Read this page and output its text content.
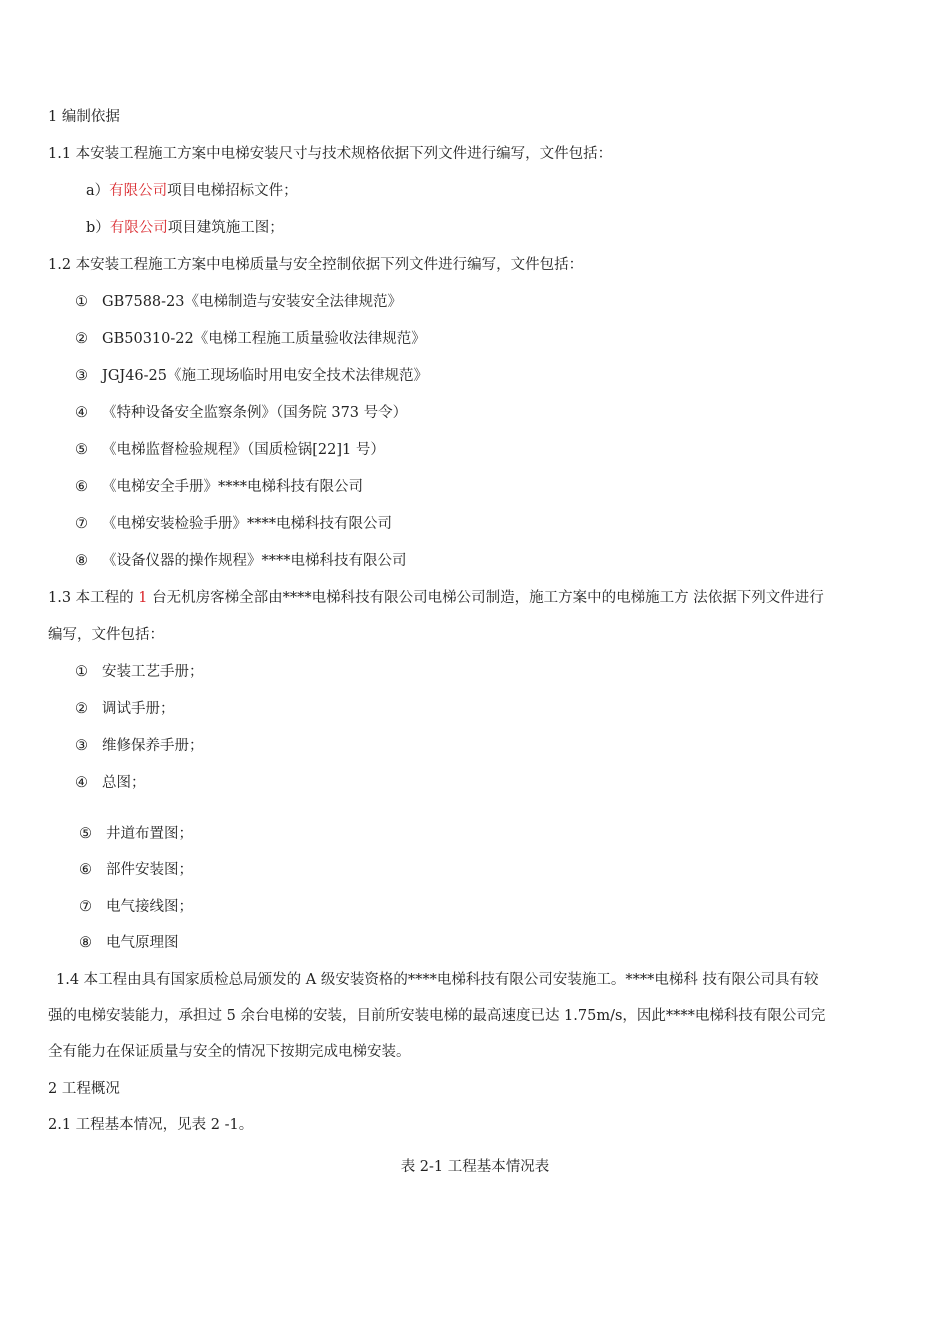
1 编制依据
1.1 本安装工程施工方案中电梯安装尺寸与技术规格依据下列文件进行编写，文件包括：
a）有限公司项目电梯招标文件；
b）有限公司项目建筑施工图；
1.2 本安装工程施工方案中电梯质量与安全控制依据下列文件进行编写，文件包括：
① GB7588-23《电梯制造与安装安全法律规范》
② GB50310-22《电梯工程施工质量验收法律规范》
③ JGJ46-25《施工现场临时用电安全技术法律规范》
④ 《特种设备安全监察条例》（国务院 373 号令）
⑤ 《电梯监督检验规程》（国质检锅[22]1 号）
⑥ 《电梯安全手册》****电梯科技有限公司
⑦ 《电梯安装检验手册》****电梯科技有限公司
⑧ 《设备仪器的操作规程》****电梯科技有限公司
1.3 本工程的 1 台无机房客梯全部由****电梯科技有限公司电梯公司制造，施工方案中的电梯施工方 法依据下列文件进行
编写，文件包括：
① 安装工艺手册；
② 调试手册；
③ 维修保养手册；
④ 总图；
⑤ 井道布置图；
⑥ 部件安装图；
⑦ 电气接线图；
⑧ 电气原理图
1.4 本工程由具有国家质检总局颁发的 A 级安装资格的****电梯科技有限公司安装施工。****电梯科 技有限公司具有较
强的电梯安装能力，承担过 5 余台电梯的安装，目前所安装电梯的最高速度已达 1.75m/s，因此****电梯科技有限公司完
全有能力在保证质量与安全的情况下按期完成电梯安装。
2 工程概况
2.1 工程基本情况，见表 2 -1。
表 2-1 工程基本情况表
